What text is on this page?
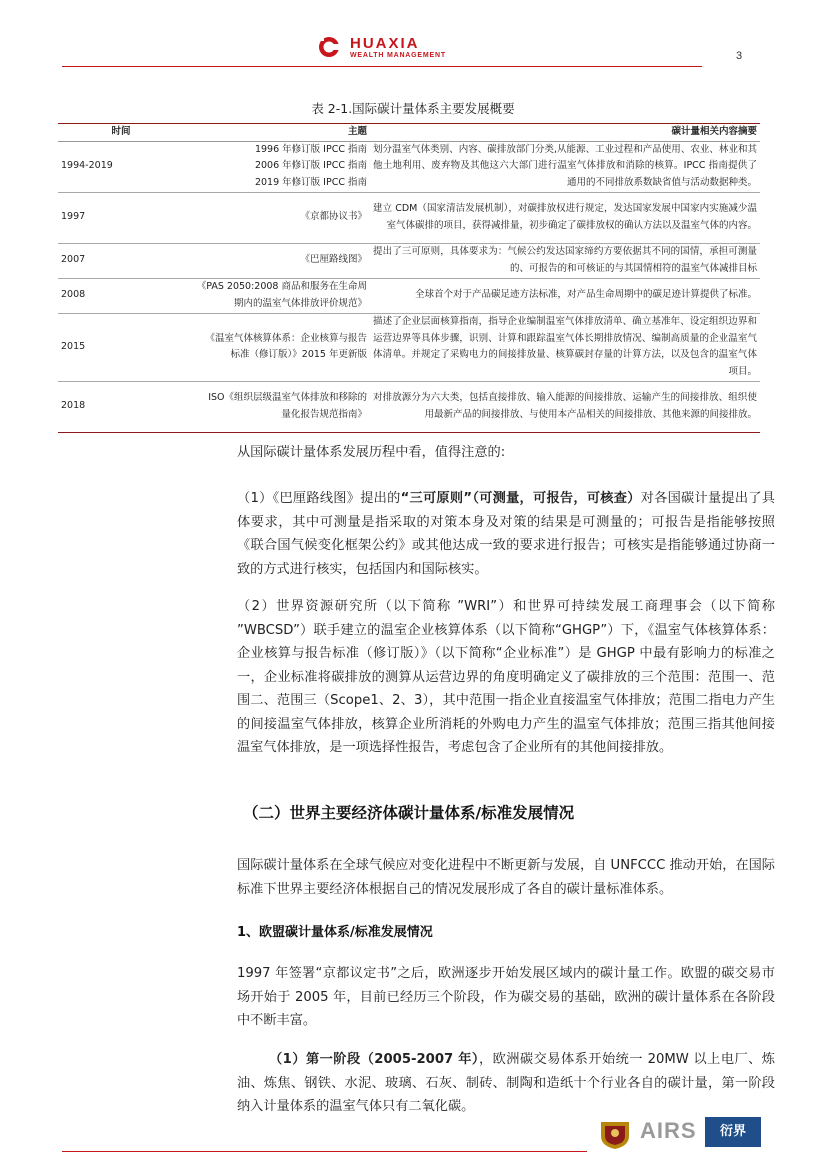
HUAXIA
WEALTH MANAGEMENT	3
表 2-1.国际碳计量体系主要发展概要
时间	主题	碳计量相关内容摘要
1994-2019	1996 年修订版 IPCC 指南
2006 年修订版 IPCC 指南
2019 年修订版 IPCC 指南	划分温室气体类别、内容、碳排放部门分类,从能源、工业过程和产品使用、农业、林业和其他土地利用、废弃物及其他这六大部门进行温室气体排放和消除的核算。IPCC 指南提供了通用的不同排放系数缺省值与活动数据种类。
1997	《京都协议书》	建立 CDM（国家清洁发展机制），对碳排放权进行规定，发达国家发展中国家内实施减少温室气体碳排的项目，获得减排量，初步确定了碳排放权的确认方法以及温室气体的内容。
2007	《巴厘路线图》	提出了三可原则，具体要求为：气候公约发达国家缔约方要依据其不同的国情，承担可测量的、可报告的和可核证的与其国情相符的温室气体减排目标
2008	《PAS 2050:2008 商品和服务在生命周
期内的温室气体排放评价规范》	全球首个对于产品碳足迹方法标准，对产品生命周期中的碳足迹计算提供了标准。
2015	《温室气体核算体系：企业核算与报告
标准（修订版）》2015 年更新版	描述了企业层面核算指南，指导企业编制温室气体排放清单、确立基准年、设定组织边界和运营边界等具体步骤，识别、计算和跟踪温室气体长期排放情况、编制高质量的企业温室气体清单。并规定了采购电力的间接排放量、核算碳封存量的计算方法，以及包含的温室气体项目。
2018	ISO《组织层级温室气体排放和移除的
量化报告规范指南》	对排放源分为六大类，包括直接排放、输入能源的间接排放、运输产生的间接排放、组织使用最新产品的间接排放、与使用本产品相关的间接排放、其他来源的间接排放。
从国际碳计量体系发展历程中看，值得注意的:
（1）《巴厘路线图》提出的“三可原则”（可测量，可报告，可核查）对各国碳计量提出了具体要求，其中可测量是指采取的对策本身及对策的结果是可测量的；可报告是指能够按照《联合国气候变化框架公约》或其他达成一致的要求进行报告；可核实是指能够通过协商一致的方式进行核实，包括国内和国际核实。
（2）世界资源研究所（以下简称 ”WRI”）和世界可持续发展工商理事会（以下简称 ”WBCSD”）联手建立的温室企业核算体系（以下简称“GHGP”）下，《温室气体核算体系：企业核算与报告标准（修订版）》（以下简称“企业标准”）是 GHGP 中最有影响力的标准之一，企业标准将碳排放的测算从运营边界的角度明确定义了碳排放的三个范围：范围一、范围二、范围三（Scope1、2、3），其中范围一指企业直接温室气体排放；范围二指电力产生的间接温室气体排放，核算企业所消耗的外购电力产生的温室气体排放；范围三指其他间接温室气体排放，是一项选择性报告，考虑包含了企业所有的其他间接排放。
（二）世界主要经济体碳计量体系/标准发展情况
国际碳计量体系在全球气候应对变化进程中不断更新与发展，自 UNFCCC 推动开始，在国际标准下世界主要经济体根据自己的情况发展形成了各自的碳计量标准体系。
1、欧盟碳计量体系/标准发展情况
1997 年签署“京都议定书”之后，欧洲逐步开始发展区域内的碳计量工作。欧盟的碳交易市场开始于 2005 年，目前已经历三个阶段，作为碳交易的基础，欧洲的碳计量体系在各阶段中不断丰富。
（1）第一阶段（2005-2007 年），欧洲碳交易体系开始统一 20MW 以上电厂、炼油、炼焦、钢铁、水泥、玻璃、石灰、制砖、制陶和造纸十个行业各自的碳计量，第一阶段纳入计量体系的温室气体只有二氧化碳。
AIRS	衍界
